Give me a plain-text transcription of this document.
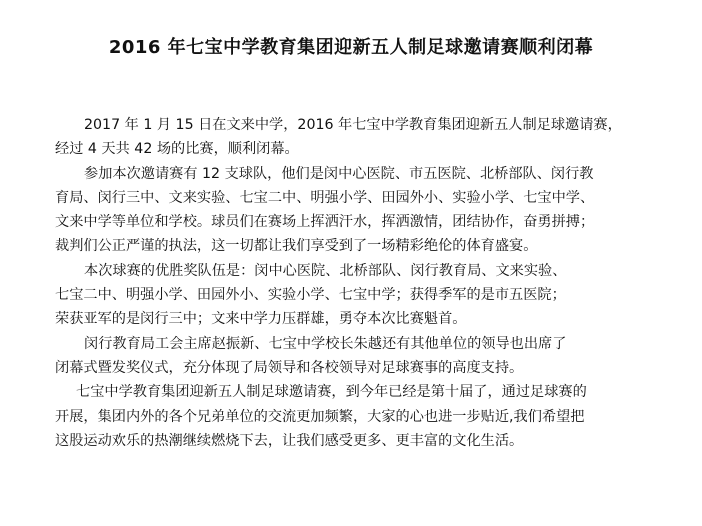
2016 年七宝中学教育集团迎新五人制足球邀请赛顺利闭幕
2017 年 1 月 15 日在文来中学，2016 年七宝中学教育集团迎新五人制足球邀请赛，
经过 4 天共 42 场的比赛，顺利闭幕。
参加本次邀请赛有 12 支球队，他们是闵中心医院、市五医院、北桥部队、闵行教
育局、闵行三中、文来实验、七宝二中、明强小学、田园外小、实验小学、七宝中学、
文来中学等单位和学校。球员们在赛场上挥洒汗水，挥洒激情，团结协作，奋勇拼搏；
裁判们公正严谨的执法，这一切都让我们享受到了一场精彩绝伦的体育盛宴。
本次球赛的优胜奖队伍是：闵中心医院、北桥部队、闵行教育局、文来实验、
七宝二中、明强小学、田园外小、实验小学、七宝中学；获得季军的是市五医院；
荣获亚军的是闵行三中；文来中学力压群雄，勇夺本次比赛魁首。
闵行教育局工会主席赵振新、七宝中学校长朱越还有其他单位的领导也出席了
闭幕式暨发奖仪式，充分体现了局领导和各校领导对足球赛事的高度支持。
七宝中学教育集团迎新五人制足球邀请赛，到今年已经是第十届了，通过足球赛的
开展，集团内外的各个兄弟单位的交流更加频繁，大家的心也进一步贴近,我们希望把
这股运动欢乐的热潮继续燃烧下去，让我们感受更多、更丰富的文化生活。
